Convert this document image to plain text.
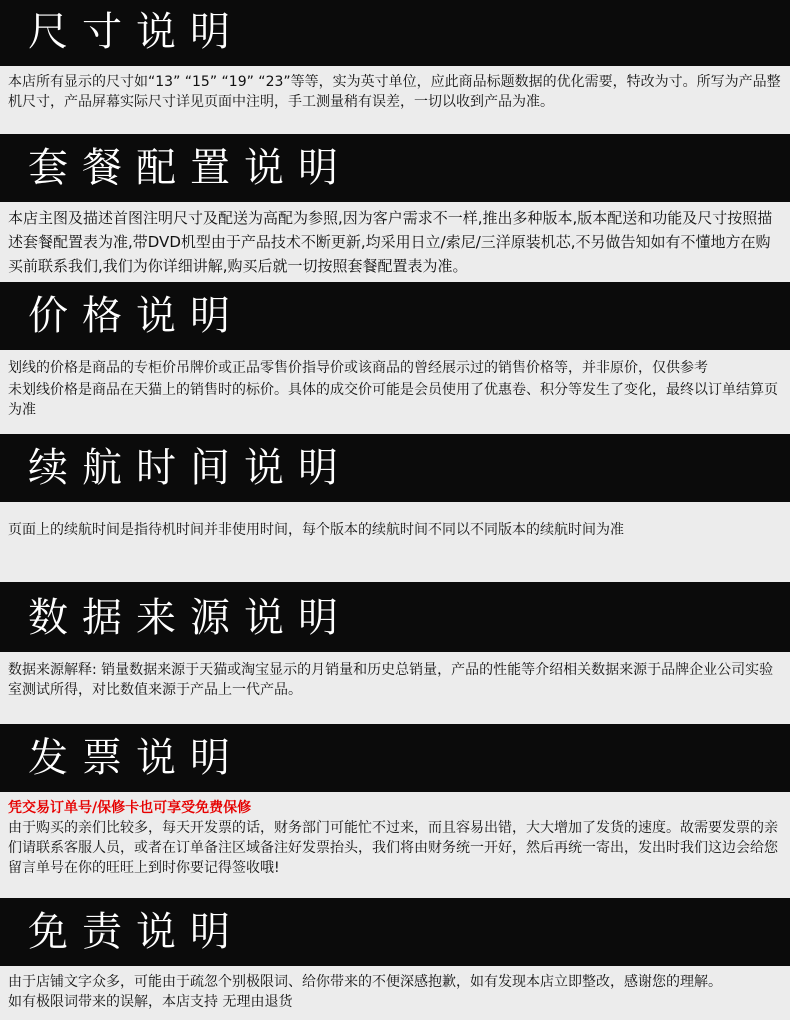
尺寸说明

本店所有显示的尺寸如“13” “15” “19” “23”等等，实为英寸单位，应此商品标题数据的优化需要，特改为寸。所写为产品整机尺寸，产品屏幕实际尺寸详见页面中注明，手工测量稍有误差，一切以收到产品为准。

套餐配置说明

本店主图及描述首图注明尺寸及配送为高配为参照,因为客户需求不一样,推出多种版本,版本配送和功能及尺寸按照描述套餐配置表为准,带DVD机型由于产品技术不断更新,均采用日立/索尼/三洋原装机芯,不另做告知如有不懂地方在购买前联系我们,我们为你详细讲解,购买后就一切按照套餐配置表为准。

价格说明

划线的价格是商品的专柜价吊牌价或正品零售价指导价或该商品的曾经展示过的销售价格等，并非原价，仅供参考

未划线价格是商品在天猫上的销售时的标价。具体的成交价可能是会员使用了优惠卷、积分等发生了变化，最终以订单结算页为准

续航时间说明

页面上的续航时间是指待机时间并非使用时间，每个版本的续航时间不同以不同版本的续航时间为准

数据来源说明

数据来源解释: 销量数据来源于天猫或淘宝显示的月销量和历史总销量，产品的性能等介绍相关数据来源于品牌企业公司实验室测试所得，对比数值来源于产品上一代产品。

发票说明

凭交易订单号/保修卡也可享受免费保修

由于购买的亲们比较多，每天开发票的话，财务部门可能忙不过来，而且容易出错，大大增加了发货的速度。故需要发票的亲们请联系客服人员，或者在订单备注区域备注好发票抬头，我们将由财务统一开好，然后再统一寄出，发出时我们这边会给您留言单号在你的旺旺上到时你要记得签收哦!

免责说明

由于店铺文字众多，可能由于疏忽个别极限词、给你带来的不便深感抱歉，如有发现本店立即整改，感谢您的理解。

如有极限词带来的误解，本店支持 无理由退货
